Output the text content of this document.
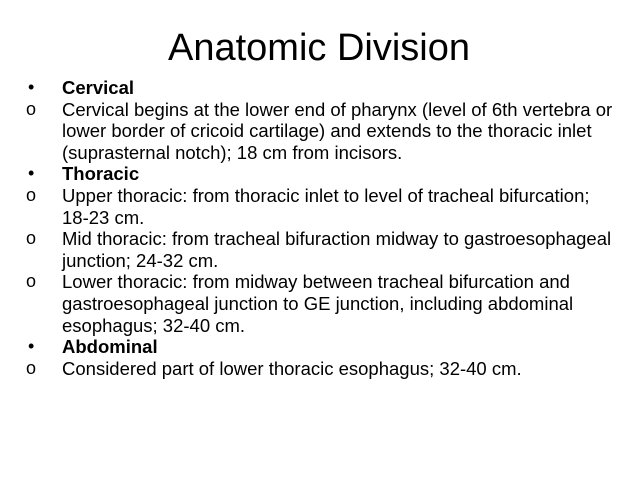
Anatomic Division
•	Cervical
o	Cervical begins at the lower end of pharynx (level of 6th vertebra or lower border of cricoid cartilage) and extends to the thoracic inlet (suprasternal notch); 18 cm from incisors.
•	Thoracic
o	Upper thoracic: from thoracic inlet to level of tracheal bifurcation; 18-23 cm.
o	Mid thoracic: from tracheal bifuraction midway to gastroesophageal junction; 24-32 cm.
o	Lower thoracic: from midway between tracheal bifurcation and gastroesophageal junction to GE junction, including abdominal esophagus; 32-40 cm.
•	Abdominal
o	Considered part of lower thoracic esophagus; 32-40 cm.
